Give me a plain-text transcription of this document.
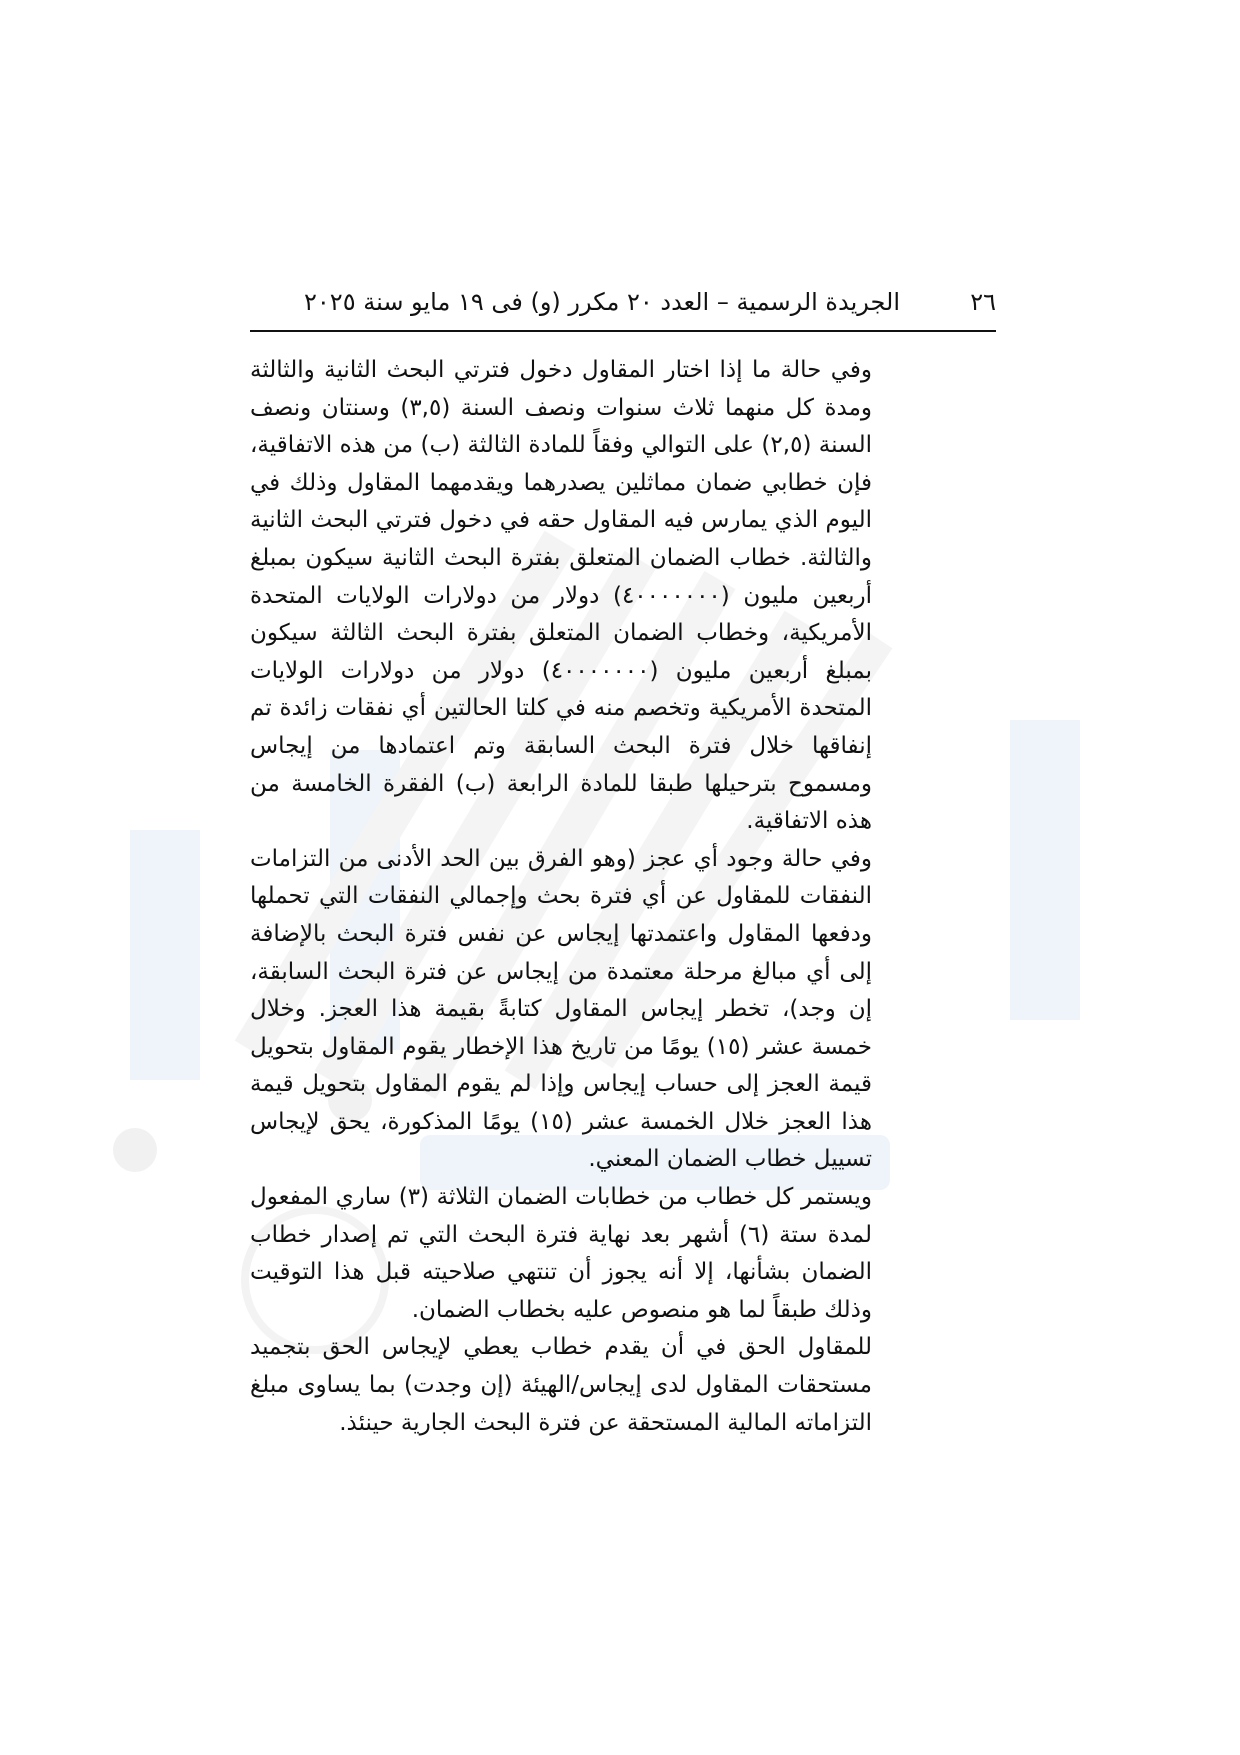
٢٦
الجريدة الرسمية – العدد ٢٠ مكرر (و) فى ١٩ مايو سنة ٢٠٢٥

وفي حالة ما إذا اختار المقاول دخول فترتي البحث الثانية والثالثة ومدة كل منهما ثلاث سنوات ونصف السنة (٣,٥) وسنتان ونصف السنة (٢,٥) على التوالي وفقاً للمادة الثالثة (ب) من هذه الاتفاقية، فإن خطابي ضمان مماثلين يصدرهما ويقدمهما المقاول وذلك في اليوم الذي يمارس فيه المقاول حقه في دخول فترتي البحث الثانية والثالثة. خطاب الضمان المتعلق بفترة البحث الثانية سيكون بمبلغ أربعين مليون (٤٠٠٠٠٠٠٠) دولار من دولارات الولايات المتحدة الأمريكية، وخطاب الضمان المتعلق بفترة البحث الثالثة سيكون بمبلغ أربعين مليون (٤٠٠٠٠٠٠٠) دولار من دولارات الولايات المتحدة الأمريكية وتخصم منه في كلتا الحالتين أي نفقات زائدة تم إنفاقها خلال فترة البحث السابقة وتم اعتمادها من إيجاس ومسموح بترحيلها طبقا للمادة الرابعة (ب) الفقرة الخامسة من هذه الاتفاقية.

وفي حالة وجود أي عجز (وهو الفرق بين الحد الأدنى من التزامات النفقات للمقاول عن أي فترة بحث وإجمالي النفقات التي تحملها ودفعها المقاول واعتمدتها إيجاس عن نفس فترة البحث بالإضافة إلى أي مبالغ مرحلة معتمدة من إيجاس عن فترة البحث السابقة، إن وجد)، تخطر إيجاس المقاول كتابةً بقيمة هذا العجز. وخلال خمسة عشر (١٥) يومًا من تاريخ هذا الإخطار يقوم المقاول بتحويل قيمة العجز إلى حساب إيجاس وإذا لم يقوم المقاول بتحويل قيمة هذا العجز خلال الخمسة عشر (١٥) يومًا المذكورة، يحق لإيجاس تسييل خطاب الضمان المعني.

ويستمر كل خطاب من خطابات الضمان الثلاثة (٣) ساري المفعول لمدة ستة (٦) أشهر بعد نهاية فترة البحث التي تم إصدار خطاب الضمان بشأنها، إلا أنه يجوز أن تنتهي صلاحيته قبل هذا التوقيت وذلك طبقاً لما هو منصوص عليه بخطاب الضمان.

للمقاول الحق في أن يقدم خطاب يعطي لإيجاس الحق بتجميد مستحقات المقاول لدى إيجاس/الهيئة (إن وجدت) بما يساوى مبلغ التزاماته المالية المستحقة عن فترة البحث الجارية حينئذ.
